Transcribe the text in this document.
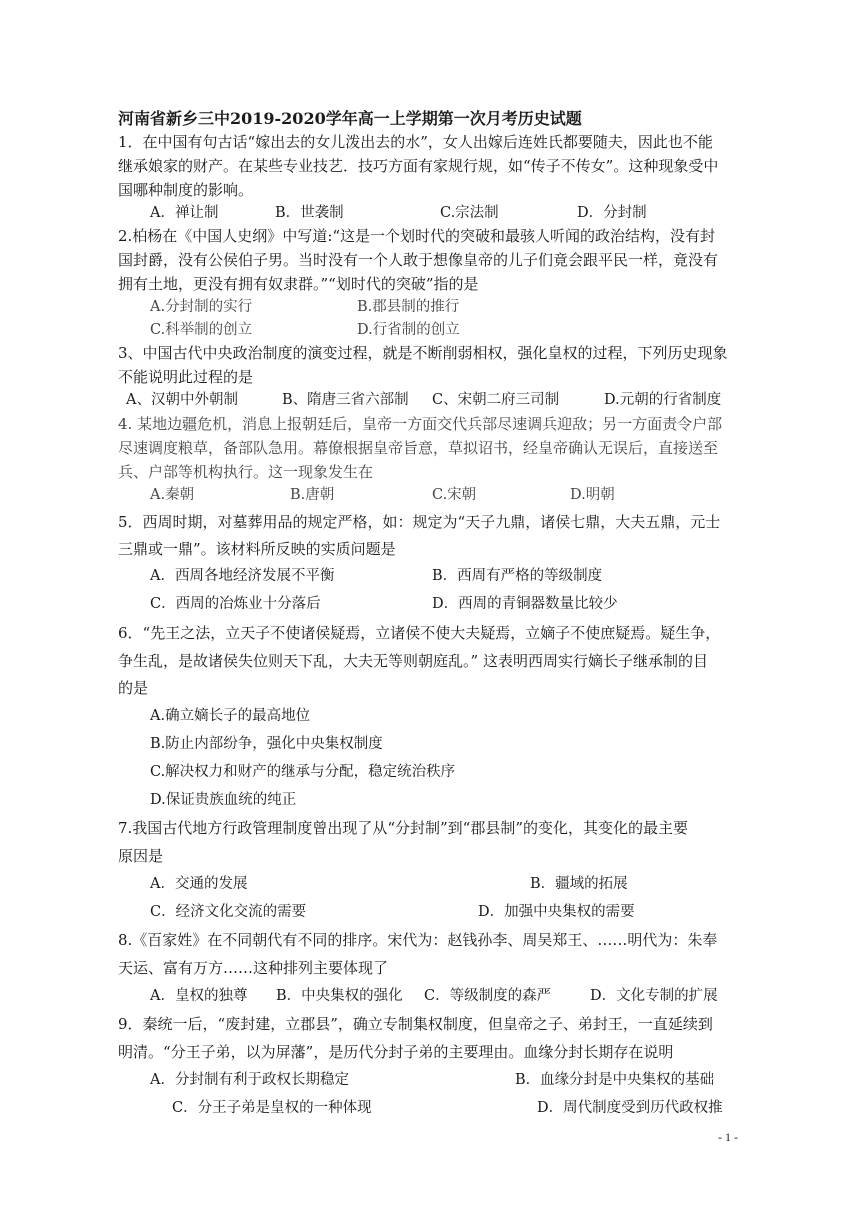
河南省新乡三中2019-2020学年高一上学期第一次月考历史试题
1．在中国有句古话“嫁出去的女儿泼出去的水”，女人出嫁后连姓氏都要随夫，因此也不能
继承娘家的财产。在某些专业技艺．技巧方面有家规行规，如“传子不传女”。这种现象受中
国哪种制度的影响。
A．禅让制	B．世袭制	C.宗法制	D．分封制
2.柏杨在《中国人史纲》中写道:“这是一个划时代的突破和最骇人听闻的政治结构，没有封
国封爵，没有公侯伯子男。当时没有一个人敢于想像皇帝的儿子们竟会跟平民一样，竟没有
拥有土地，更没有拥有奴隶群。”“划时代的突破”指的是
A.分封制的实行	B.郡县制的推行
C.科举制的创立	D.行省制的创立
3、中国古代中央政治制度的演变过程，就是不断削弱相权，强化皇权的过程，下列历史现象
不能说明此过程的是
A、汉朝中外朝制	B、隋唐三省六部制 C、宋朝二府三司制	D.元朝的行省制度
4. 某地边疆危机，消息上报朝廷后，皇帝一方面交代兵部尽速调兵迎敌；另一方面责令户部
尽速调度粮草，备部队急用。幕僚根据皇帝旨意，草拟诏书，经皇帝确认无误后，直接送至
兵、户部等机构执行。这一现象发生在
A.秦朝	B.唐朝	C.宋朝	D.明朝
5．西周时期，对墓葬用品的规定严格，如：规定为“天子九鼎，诸侯七鼎，大夫五鼎，元士
三鼎或一鼎”。该材料所反映的实质问题是
A．西周各地经济发展不平衡	B．西周有严格的等级制度
C．西周的冶炼业十分落后	D．西周的青铜器数量比较少
6．“先王之法，立天子不使诸侯疑焉，立诸侯不使大夫疑焉，立嫡子不使庶疑焉。疑生争，
争生乱，是故诸侯失位则天下乱，大夫无等则朝庭乱。” 这表明西周实行嫡长子继承制的目
的是
A.确立嫡长子的最高地位
B.防止内部纷争，强化中央集权制度
C.解决权力和财产的继承与分配，稳定统治秩序
D.保证贵族血统的纯正
7.我国古代地方行政管理制度曾出现了从“分封制”到“郡县制”的变化，其变化的最主要
原因是
A．交通的发展	B．疆域的拓展
C．经济文化交流的需要	D．加强中央集权的需要
8.《百家姓》在不同朝代有不同的排序。宋代为：赵钱孙李、周吴郑王、……明代为：朱奉
天运、富有万方……这种排列主要体现了
A．皇权的独尊 B．中央集权的强化 C．等级制度的森严	D．文化专制的扩展
9．秦统一后，“废封建，立郡县”，确立专制集权制度，但皇帝之子、弟封王，一直延续到
明清。“分王子弟，以为屏藩”，是历代分封子弟的主要理由。血缘分封长期存在说明
A．分封制有利于政权长期稳定	B．血缘分封是中央集权的基础
C．分王子弟是皇权的一种体现	D．周代制度受到历代政权推
- 1 -
